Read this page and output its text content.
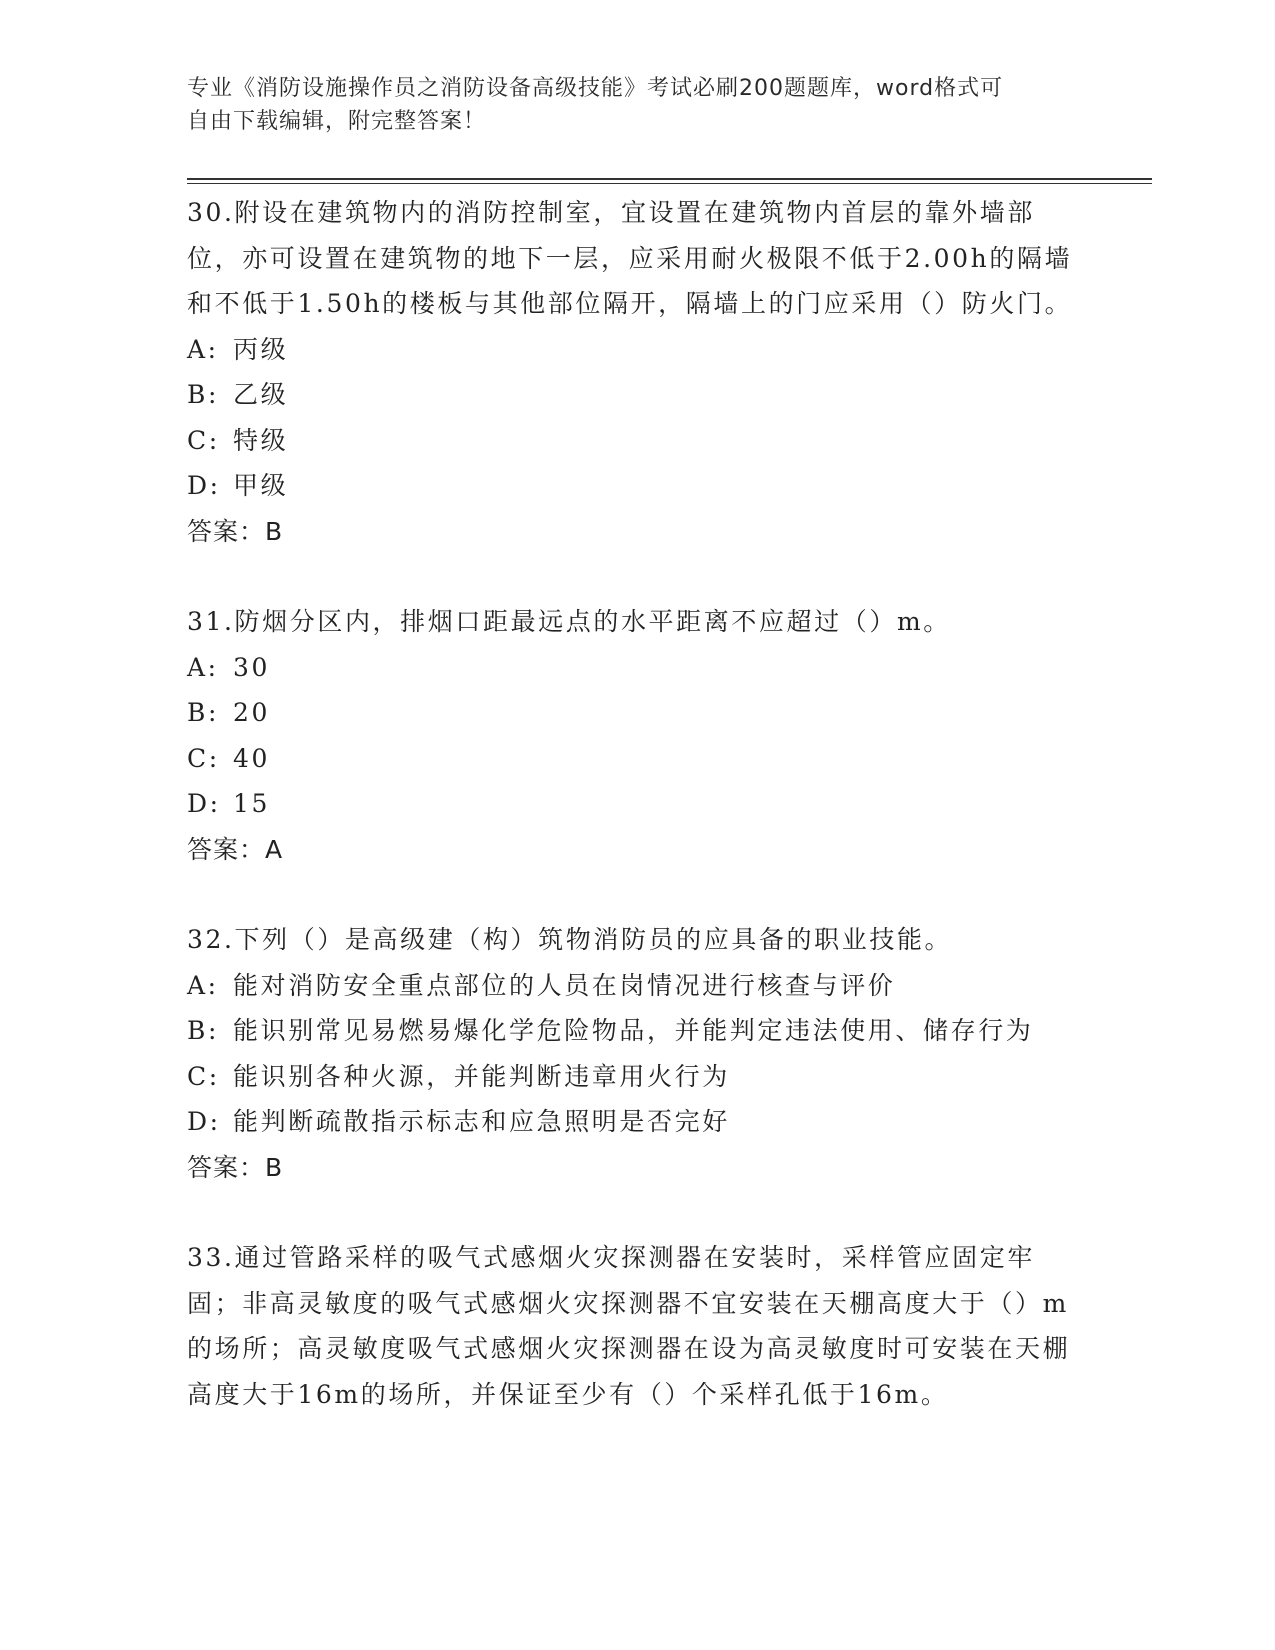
专业《消防设施操作员之消防设备高级技能》考试必刷200题题库，word格式可
自由下载编辑，附完整答案！

30.附设在建筑物内的消防控制室，宜设置在建筑物内首层的靠外墙部位，亦可设置在建筑物的地下一层，应采用耐火极限不低于2.00h的隔墙和不低于1.50h的楼板与其他部位隔开，隔墙上的门应采用（）防火门。

A: 丙级

B: 乙级

C: 特级

D: 甲级

答案：B

31.防烟分区内，排烟口距最远点的水平距离不应超过（）m。

A: 30

B: 20

C: 40

D: 15

答案：A

32.下列（）是高级建（构）筑物消防员的应具备的职业技能。

A: 能对消防安全重点部位的人员在岗情况进行核查与评价

B: 能识别常见易燃易爆化学危险物品，并能判定违法使用、储存行为

C: 能识别各种火源，并能判断违章用火行为

D: 能判断疏散指示标志和应急照明是否完好

答案：B

33.通过管路采样的吸气式感烟火灾探测器在安装时，采样管应固定牢固；非高灵敏度的吸气式感烟火灾探测器不宜安装在天棚高度大于（）m的场所；高灵敏度吸气式感烟火灾探测器在设为高灵敏度时可安装在天棚高度大于16m的场所，并保证至少有（）个采样孔低于16m。
